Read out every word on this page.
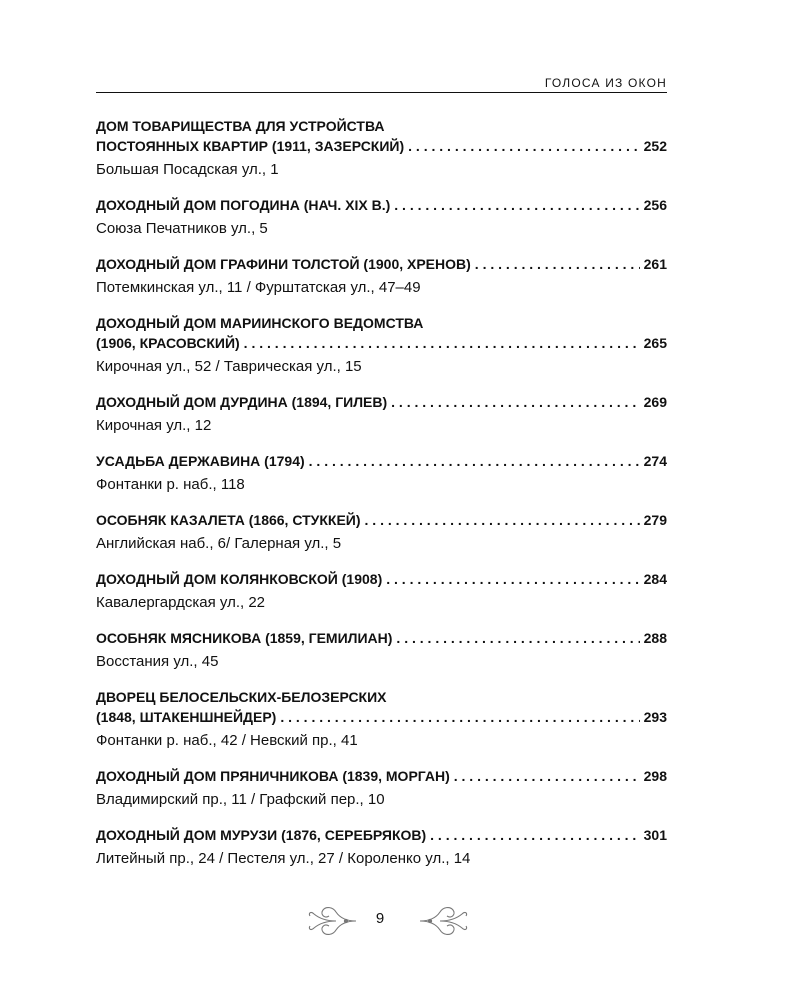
ГОЛОСА ИЗ ОКОН
ДОМ ТОВАРИЩЕСТВА ДЛЯ УСТРОЙСТВА
ПОСТОЯННЫХ КВАРТИР (1911, ЗАЗЕРСКИЙ) . . .	252
Большая Посадская ул., 1
ДОХОДНЫЙ ДОМ ПОГОДИНА (НАЧ. XIX В.) . . .	256
Союза Печатников ул., 5
ДОХОДНЫЙ ДОМ ГРАФИНИ ТОЛСТОЙ (1900, ХРЕНОВ) . . .	261
Потемкинская ул., 11 / Фурштатская ул., 47–49
ДОХОДНЫЙ ДОМ МАРИИНСКОГО ВЕДОМСТВА
(1906, КРАСОВСКИЙ) . . .	265
Кирочная ул., 52 / Таврическая ул., 15
ДОХОДНЫЙ ДОМ ДУРДИНА (1894, ГИЛЕВ) . . .	269
Кирочная ул., 12
УСАДЬБА ДЕРЖАВИНА (1794) . . .	274
Фонтанки р. наб., 118
ОСОБНЯК КАЗАЛЕТА (1866, СТУККЕЙ) . . .	279
Английская наб., 6/ Галерная ул., 5
ДОХОДНЫЙ ДОМ КОЛЯНКОВСКОЙ (1908) . . .	284
Кавалергардская ул., 22
ОСОБНЯК МЯСНИКОВА (1859, ГЕМИЛИАН) . . .	288
Восстания ул., 45
ДВОРЕЦ БЕЛОСЕЛЬСКИХ-БЕЛОЗЕРСКИХ
(1848, ШТАКЕНШНЕЙДЕР) . . .	293
Фонтанки р. наб., 42 / Невский пр., 41
ДОХОДНЫЙ ДОМ ПРЯНИЧНИКОВА (1839, МОРГАН) . . .	298
Владимирский пр., 11 / Графский пер., 10
ДОХОДНЫЙ ДОМ МУРУЗИ (1876, СЕРЕБРЯКОВ) . . .	301
Литейный пр., 24 / Пестеля ул., 27 / Короленко ул., 14
9
